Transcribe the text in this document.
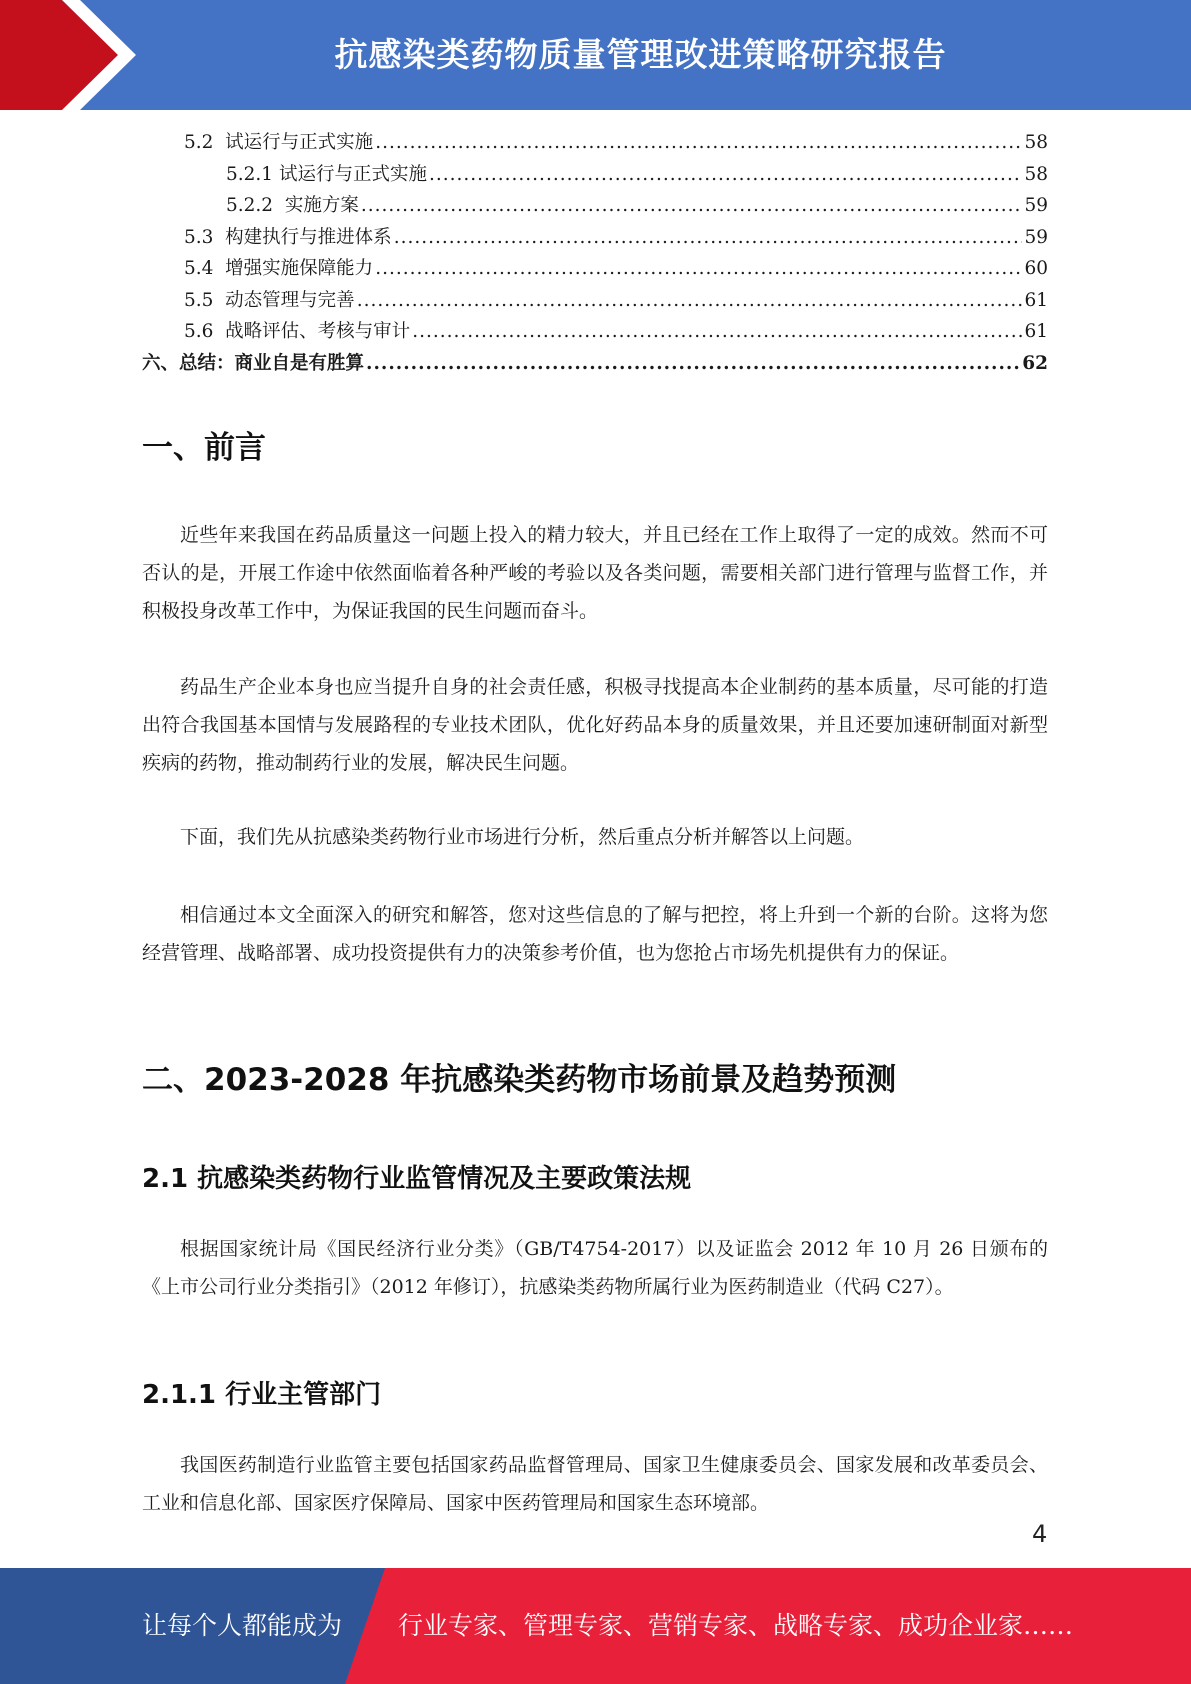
抗感染类药物质量管理改进策略研究报告
5.2  试运行与正式实施 .....	58
5.2.1 试运行与正式实施 .....	58
5.2.2  实施方案 .....	59
5.3  构建执行与推进体系 .....	59
5.4  增强实施保障能力 .....	60
5.5  动态管理与完善 .....	61
5.6  战略评估、考核与审计 .....	61
六、总结：商业自是有胜算 .....	62
一、前言

近些年来我国在药品质量这一问题上投入的精力较大，并且已经在工作上取得了一定的成效。然而不可否认的是，开展工作途中依然面临着各种严峻的考验以及各类问题，需要相关部门进行管理与监督工作，并积极投身改革工作中，为保证我国的民生问题而奋斗。

药品生产企业本身也应当提升自身的社会责任感，积极寻找提高本企业制药的基本质量，尽可能的打造出符合我国基本国情与发展路程的专业技术团队，优化好药品本身的质量效果，并且还要加速研制面对新型疾病的药物，推动制药行业的发展，解决民生问题。

下面，我们先从抗感染类药物行业市场进行分析，然后重点分析并解答以上问题。

相信通过本文全面深入的研究和解答，您对这些信息的了解与把控，将上升到一个新的台阶。这将为您经营管理、战略部署、成功投资提供有力的决策参考价值，也为您抢占市场先机提供有力的保证。

二、2023-2028 年抗感染类药物市场前景及趋势预测
2.1 抗感染类药物行业监管情况及主要政策法规

根据国家统计局《国民经济行业分类》（GB/T4754-2017）以及证监会 2012 年 10 月 26 日颁布的《上市公司行业分类指引》（2012 年修订），抗感染类药物所属行业为医药制造业（代码 C27）。

2.1.1 行业主管部门

我国医药制造行业监管主要包括国家药品监督管理局、国家卫生健康委员会、国家发展和改革委员会、工业和信息化部、国家医疗保障局、国家中医药管理局和国家生态环境部。

4
让每个人都能成为 行业专家、管理专家、营销专家、战略专家、成功企业家……
